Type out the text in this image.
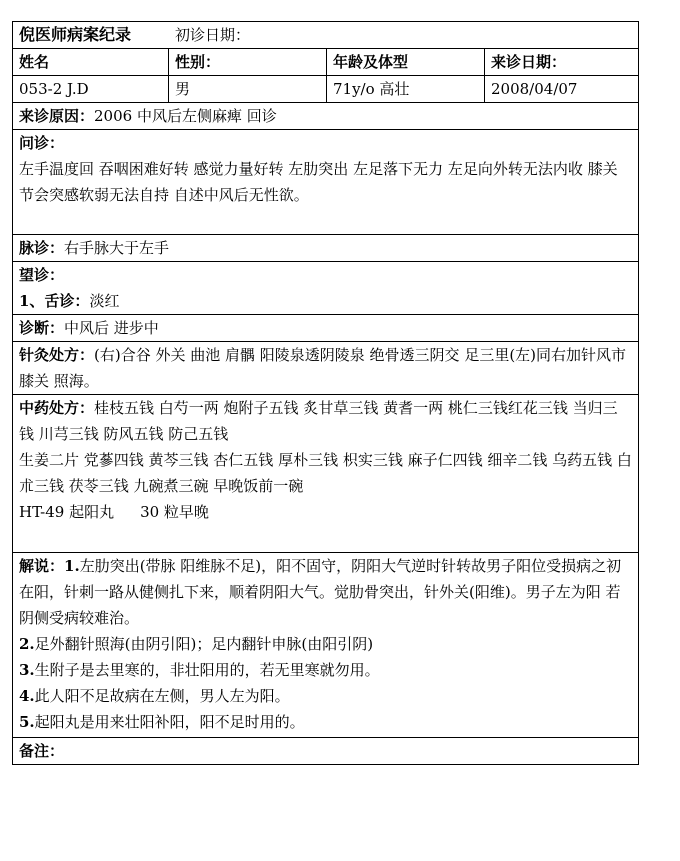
倪医师病案纪录 初诊日期：			
姓名	性别：	年龄及体型	来诊日期：
053-2 J.D	男	71y/o 高壮	2008/04/07
来诊原因：2006 中风后左侧麻痺 回诊			

问诊：
左手温度回 吞咽困难好转 感觉力量好转 左肋突出 左足落下无力 左足向外转无法内收 膝关节会突感软弱无法自持 自述中风后无性欲。			

脉诊：右手脉大于左手			

望诊：
1、舌诊：淡红			

诊断：中风后 进步中			
针灸处方：(右)合谷 外关 曲池 肩髃 阳陵泉透阴陵泉 绝骨透三阴交 足三里(左)同右加针风市 膝关 照海。			

中药处方：桂枝五钱 白芍一两 炮附子五钱 炙甘草三钱 黄耆一两 桃仁三钱红花三钱 当归三钱 川芎三钱 防风五钱 防己五钱
生姜二片 党蔘四钱 黄芩三钱 杏仁五钱 厚朴三钱 枳实三钱 麻子仁四钱 细辛二钱 乌药五钱 白朮三钱 茯苓三钱 九碗煮三碗 早晚饭前一碗
HT-49 起阳丸 30 粒早晚			

解说：1.左肋突出(带脉 阳维脉不足)，阳不固守，阴阳大气逆时针转故男子阳位受损病之初在阳，针刺一路从健侧扎下来，顺着阴阳大气。觉肋骨突出，针外关(阳维)。男子左为阳 若阴侧受病较难治。
2.足外翻针照海(由阴引阳)；足内翻针申脉(由阳引阴)
3.生附子是去里寒的，非壮阳用的，若无里寒就勿用。
4.此人阳不足故病在左侧，男人左为阳。
5.起阳丸是用来壮阳补阳，阳不足时用的。			

备注：			
